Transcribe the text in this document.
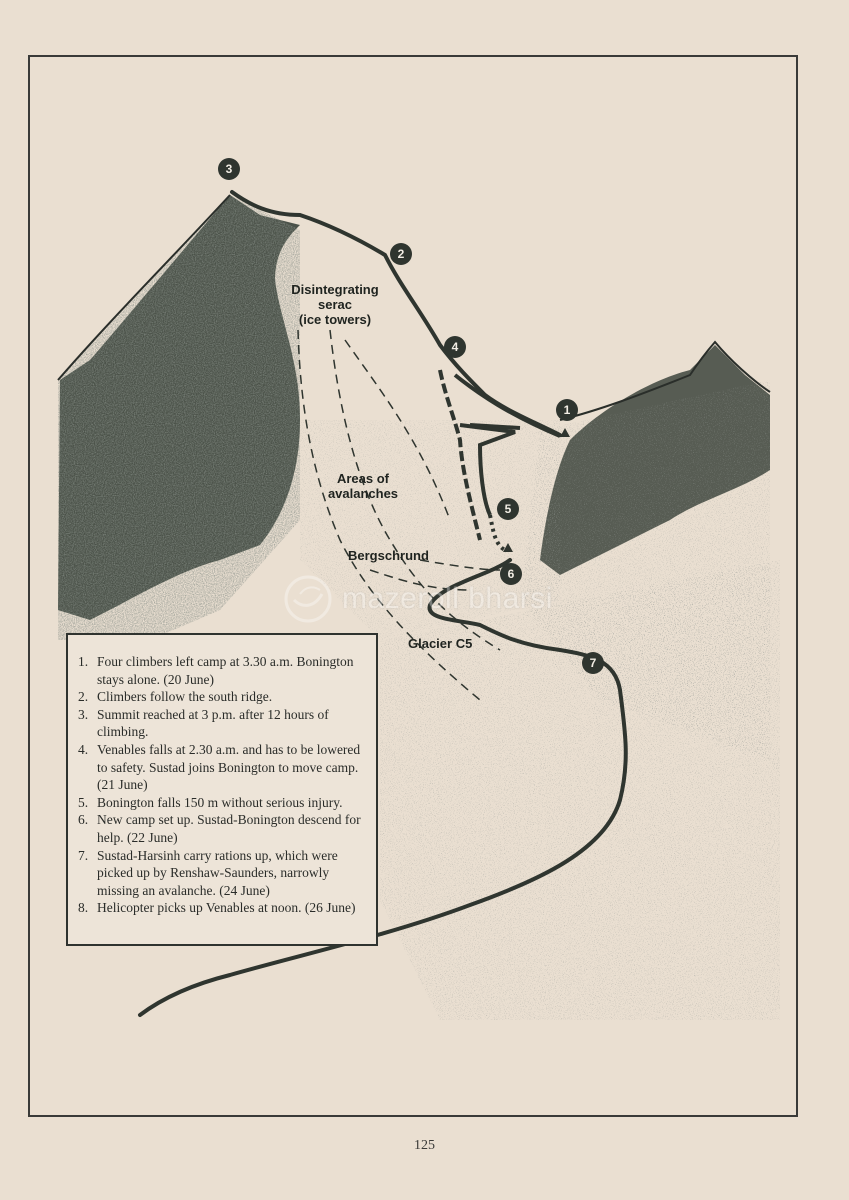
Disintegrating
serac
(ice towers)
Areas of
avalanches
Bergschrund
Glacier C5
3
2
4
1
5
6
7
mazeroll bharsi
1. Four climbers left camp at 3.30 a.m. Bonington stays alone. (20 June)
2. Climbers follow the south ridge.
3. Summit reached at 3 p.m. after 12 hours of climbing.
4. Venables falls at 2.30 a.m. and has to be lowered to safety. Sustad joins Bonington to move camp. (21 June)
5. Bonington falls 150 m without serious injury.
6. New camp set up. Sustad-Bonington descend for help. (22 June)
7. Sustad-Harsinh carry rations up, which were picked up by Renshaw-Saunders, narrowly missing an avalanche. (24 June)
8. Helicopter picks up Venables at noon. (26 June)
125
